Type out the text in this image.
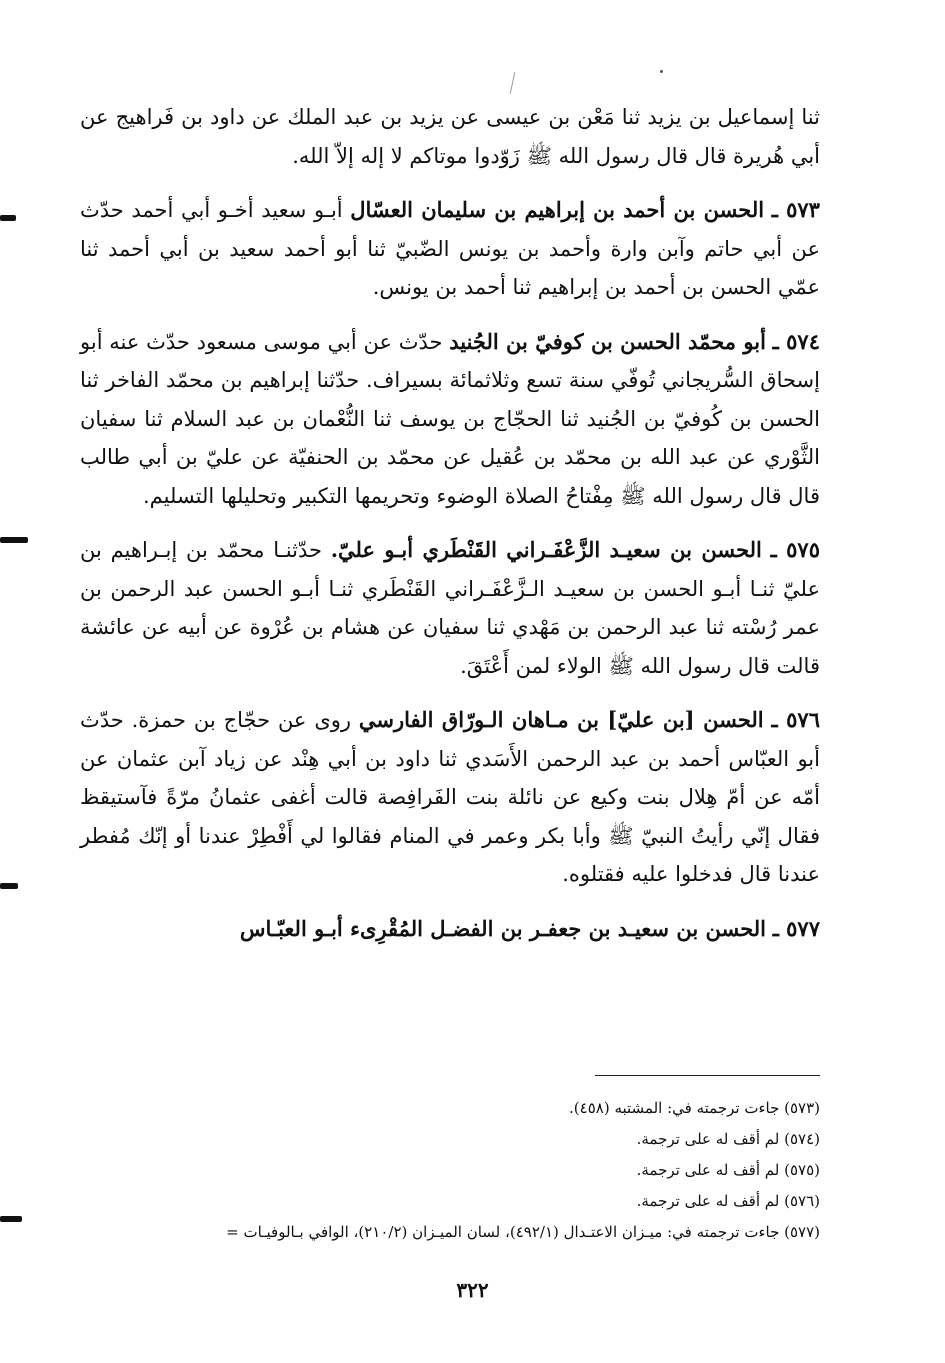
ثنا إسماعيل بن يزيد ثنا مَعْن بن عيسى عن يزيد بن عبد الملك عن داود بن فَراهيج عن أبي هُريرة قال قال رسول الله ﷺ زَوّدوا موتاكم لا إله إلاّ الله.

٥٧٣ ـ الحسن بن أحمد بن إبراهيم بن سليمان العسّال أبـو سعيد أخـو أبي أحمد حدّث عن أبي حاتم وآبن وارة وأحمد بن يونس الضّبيّ ثنا أبو أحمد سعيد بن أبي أحمد ثنا عمّي الحسن بن أحمد بن إبراهيم ثنا أحمد بن يونس.

٥٧٤ ـ أبو محمّد الحسن بن كوفيّ بن الجُنيد حدّث عن أبي موسى مسعود حدّث عنه أبو إسحاق السُّريجاني تُوفّي سنة تسع وثلاثمائة بسيراف. حدّثنا إبراهيم بن محمّد الفاخر ثنا الحسن بن كُوفيّ بن الجُنيد ثنا الحجّاج بن يوسف ثنا النُّعْمان بن عبد السلام ثنا سفيان الثَّوْري عن عبد الله بن محمّد بن عُقيل عن محمّد بن الحنفيّة عن عليّ بن أبي طالب قال قال رسول الله ﷺ مِفْتاحُ الصلاة الوضوء وتحريمها التكبير وتحليلها التسليم.

٥٧٥ ـ الحسن بن سعيـد الزَّعْفَـراني القَنْطَري أبـو عليّ. حدّثنـا محمّد بن إبـراهيم بن عليّ ثنـا أبـو الحسن بن سعيـد الـزَّعْفَـراني القَنْطَري ثنـا أبـو الحسن عبد الرحمن بن عمر رُسْته ثنا عبد الرحمن بن مَهْدي ثنا سفيان عن هشام بن عُرْوة عن أبيه عن عائشة قالت قال رسول الله ﷺ الولاء لمن أَعْتَقَ.

٥٧٦ ـ الحسن [بن عليّ] بن مـاهان الـورّاق الفارسي روى عن حجّاج بن حمزة. حدّث أبو العبّاس أحمد بن عبد الرحمن الأَسَدي ثنا داود بن أبي هِنْد عن زياد آبن عثمان عن أمّه عن أمّ هِلال بنت وكيع عن نائلة بنت الفَرافِصة قالت أغفى عثمانُ مرّةً فآستيقظ فقال إنّي رأيتُ النبيّ ﷺ وأبا بكر وعمر في المنام فقالوا لي أَفْطِرْ عندنا أو إنّك مُفطر عندنا قال فدخلوا عليه فقتلوه.

٥٧٧ ـ الحسن بن سعيـد بن جعفـر بن الفضـل المُقْرِىء أبـو العبّـاس

(٥٧٣) جاءت ترجمته في: المشتبه (٤٥٨).

(٥٧٤) لم أقف له على ترجمة.

(٥٧٥) لم أقف له على ترجمة.

(٥٧٦) لم أقف له على ترجمة.

(٥٧٧) جاءت ترجمته في: ميـزان الاعتـدال (٤٩٢/١)، لسان الميـزان (٢١٠/٢)، الوافي بـالوفيـات =

٣٢٢
